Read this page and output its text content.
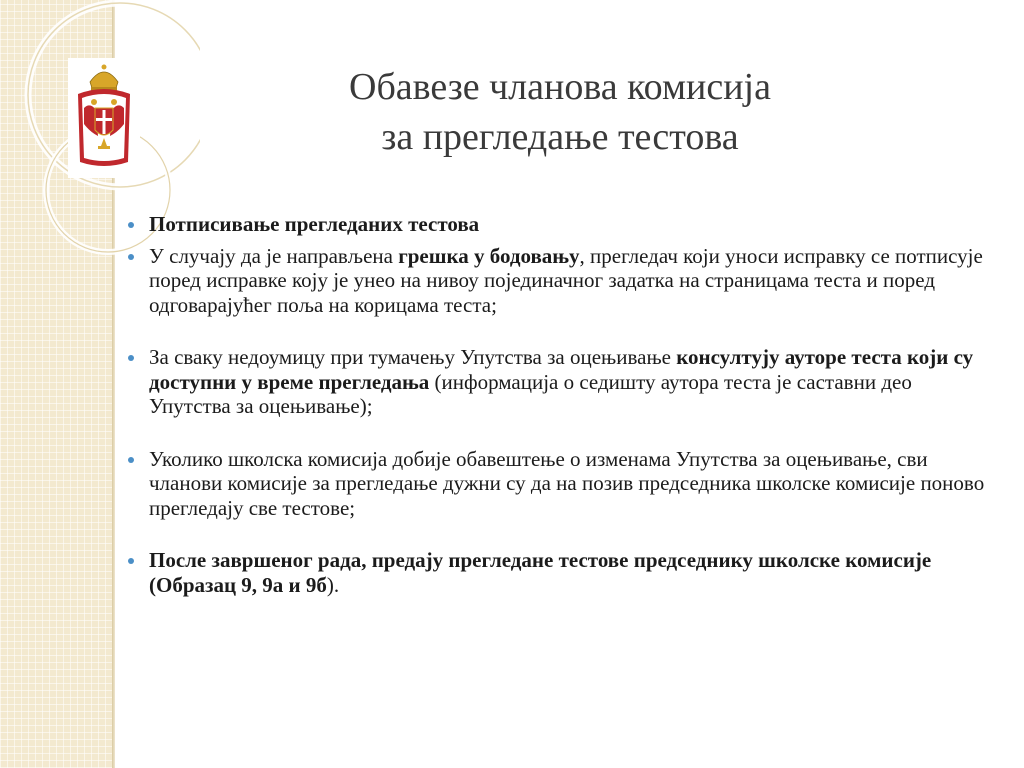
Обавезе чланова комисија
за прегледање тестова
Потписивање прегледаних тестова
У случају да је направљена грешка у бодовању, прегледач који уноси исправку се потписује поред исправке коју је унео на нивоу појединачног задатка на страницама теста и поред одговарајућег поља на корицама теста;
За сваку недоумицу при тумачењу Упутства за оцењивање консултују ауторе теста који су доступни у време прегледања (информација о седишту аутора теста је саставни део Упутства за оцењивање);
Уколико школска комисија добије обавештење о изменама Упутства за оцењивање, сви чланови комисије за прегледање дужни су да на позив председника школске комисије поново прегледају све тестове;
После завршеног рада, предају прегледане тестове председнику школске комисије (Образац 9, 9а и 9б).
